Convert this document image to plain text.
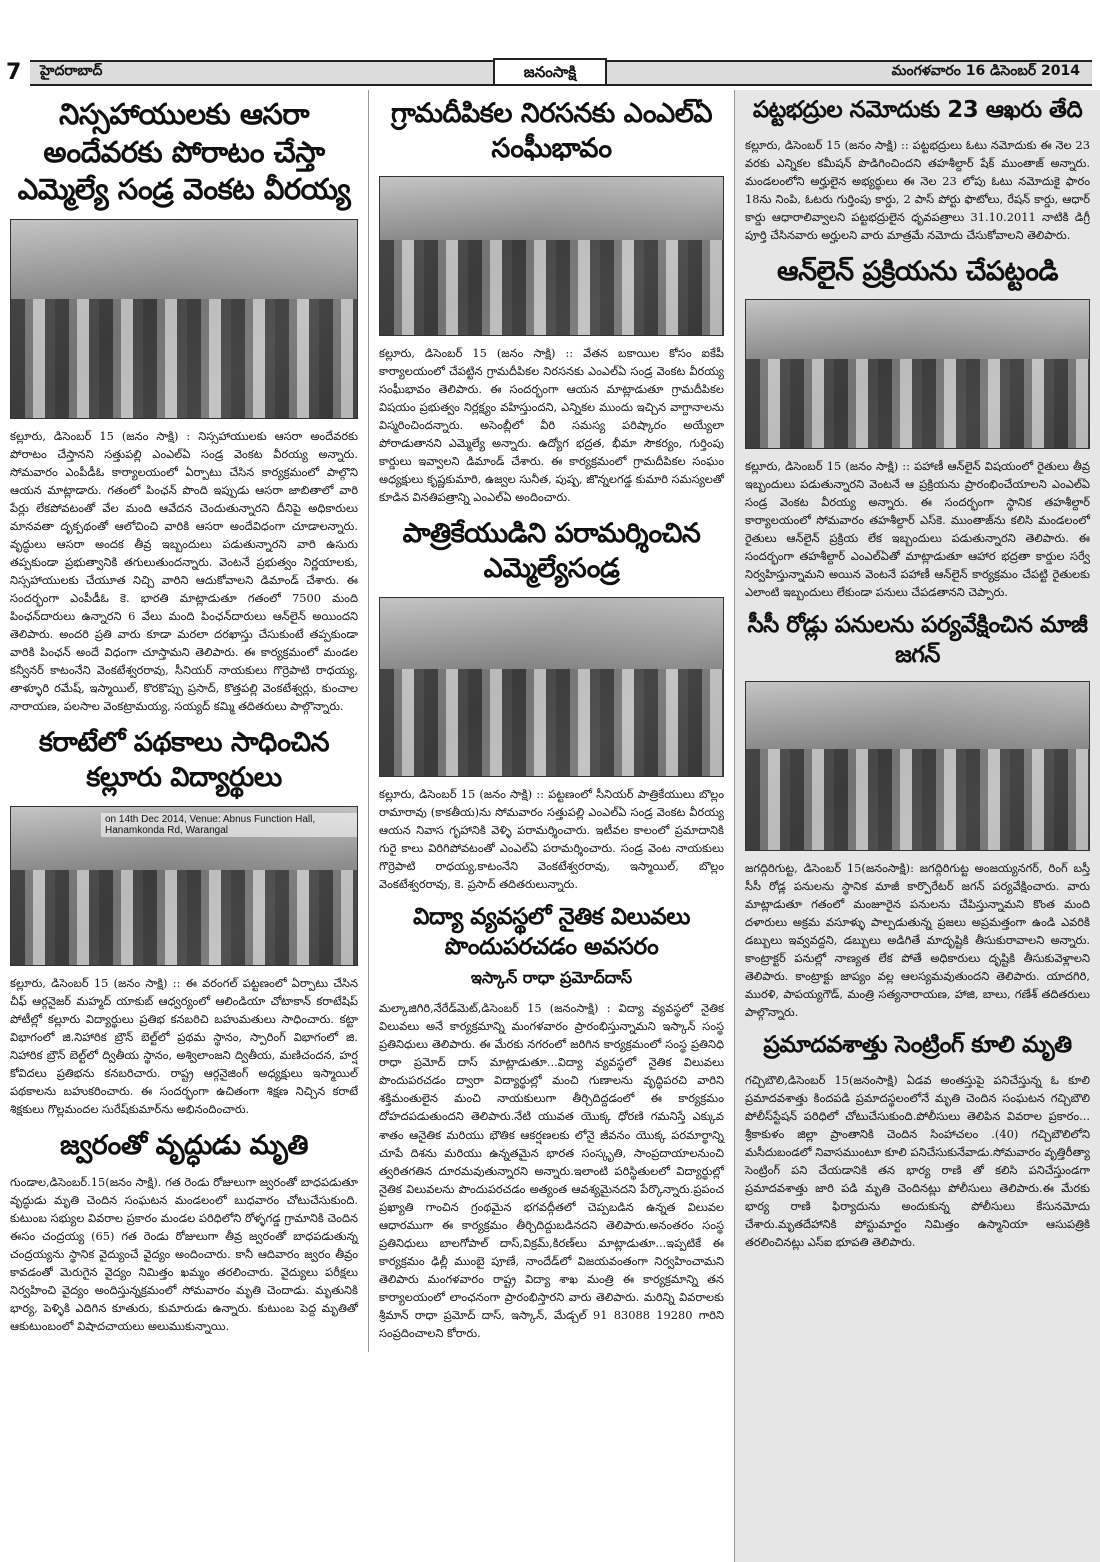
7 హైదరాబాద్	జనంసాక్షి	మంగళవారం 16 డిసెంబర్ 2014
నిస్సహాయులకు ఆసరా అందేవరకు పోరాటం చేస్తా ఎమ్మెల్యే సండ్ర వెంకట వీరయ్య
కల్లూరు, డిసెంబర్ 15 (జనం సాక్షి) : నిస్సహాయులకు ఆసరా అందేవరకు పోరాటం చేస్తానని సత్తుపల్లి ఎంఎల్ఏ సండ్ర వెంకట వీరయ్య అన్నారు. సోమవారం ఎంపీడీఓ కార్యాలయంలో ఏర్పాటు చేసిన కార్యక్రమంలో పాల్గొని ఆయన మాట్లాడారు. గతంలో పింఛన్ పొంది ఇప్పుడు ఆసరా జాబితాలో వారి పేర్లు లేకపోవటంతో వేల మంది ఆవేదన చెందుతున్నారని దీనిపై అధికారులు మానవతా దృక్పథంతో ఆలోచించి వారికి ఆసరా అందేవిధంగా చూడాలన్నారు. వృద్ధులు ఆసరా అందక తీవ్ర ఇబ్బందులు పడుతున్నారని వారి ఉసురు తప్పకుండా ప్రభుత్వానికి తగులుతుందన్నారు. వెంటనే ప్రభుత్వం నిర్ణయాలకు, నిస్సహాయులకు చేయూత నిచ్చి వారిని ఆదుకోవాలని డిమాండ్ చేశారు. ఈ సందర్భంగా ఎంపీడీఓ కె. భారతి మాట్లాడుతూ గతంలో 7500 మంది పింఛన్‌దారులు ఉన్నారని 6 వేలు మంది పింఛన్‌దారులు ఆన్‌లైన్ అయిందని తెలిపారు. అందరి ప్రతి వారు కూడా మరలా దరఖాస్తు చేసుకుంటే తప్పకుండా వారికి పింఛన్ అందే విధంగా చూస్తామని తెలిపారు. ఈ కార్యక్రమంలో మండల కన్వీనర్ కాటంనేని వెంకటేశ్వరరావు, సీనియర్ నాయకులు గొర్రెపాటి రాధయ్య, తాళ్ళూరి రమేష్, ఇస్మాయిల్, కొరకొప్పు ప్రసాద్, కొత్తపల్లి వెంకటేశ్వర్లు, కుంచాల నారాయణ, పలసాల వెంకట్రామయ్య, సయ్యద్ కమ్మి తదితరులు పాల్గొన్నారు.
కరాటేలో పథకాలు సాధించిన కల్లూరు విద్యార్థులు
on 14th Dec 2014, Venue: Abnus Function Hall, Hanamkonda Rd, Warangal
కల్లూరు, డిసెంబర్ 15 (జనం సాక్షి) :: ఈ వరంగల్ పట్టణంలో ఏర్పాటు చేసిన చీఫ్ ఆర్గనైజర్ మహ్మద్ యాకుబ్ ఆధ్వర్యంలో ఆలిండియా చోటాకాన్ కరాటేషిప్ పోటీల్లో కల్లూరు విద్యార్థులు ప్రతిభ కనబరిచి బహుమతులు సాధించారు. కట్టా విభాగంలో జి.నిహారిక బ్రౌన్ బెల్ట్‌లో ప్రథమ స్థానం, స్పారింగ్ విభాగంలో జి. నిహారిక బ్రౌన్ బెల్ట్‌లో ద్వితీయ స్థానం, అశ్విలాంజని ద్వితీయ, మణిచందన, హర్ష కోవిదలు ప్రతిభను కనబరిచారు. రాష్ట్ర ఆర్గనైజింగ్ అధ్యక్షులు ఇస్మాయిల్ పథకాలను బహుకరించారు. ఈ సందర్భంగా ఉచితంగా శిక్షణ నిచ్చిన కరాటే శిక్షకులు గొల్లమందల సురేష్‌కుమార్‌ను అభినందించారు.
జ్వరంతో వృద్ధుడు మృతి
గుండాల,డిసెంబర్.15(జనం సాక్షి). గత రెండు రోజులుగా జ్వరంతో బాధపడుతూ వృద్ధుడు మృతి చెందిన సంఘటన మండలంలో బుధవారం చోటుచేసుకుంది. కుటుంబ సభ్యుల వివరాల ప్రకారం మండల పరిధిలోని రోళ్ళగడ్డ గ్రామానికి చెందిన ఈసం చంద్రయ్య (65) గత రెండు రోజులుగా తీవ్ర జ్వరంతో బాధపడుతున్న చంద్రయ్యను స్థానిక వైద్యుంచే వైద్యం అందించారు. కానీ ఆదివారం జ్వరం తీవ్రం కావడంతో మెరుగైన వైద్యం నిమిత్తం ఖమ్మం తరలించారు. వైద్యులు పరీక్షలు నిర్వహించి వైద్యం అందిస్తున్నక్రమంలో సోమవారం మృతి చెందాడు. మృతునికి భార్య, పెళ్ళికి ఎదిగిన కూతురు, కుమారుడు ఉన్నారు. కుటుంబ పెద్ద మృతితో ఆకుటుంబంలో విషాదచాయలు అలుముకున్నాయి.
గ్రామదీపికల నిరసనకు ఎంఎల్ఏ సంఘీభావం
కల్లూరు, డిసెంబర్ 15 (జనం సాక్షి) :: వేతన బకాయిల కోసం ఐకేపీ కార్యాలయంలో చేపట్టిన గ్రామదీపికల నిరసనకు ఎంఎల్ఏ సండ్ర వెంకట వీరయ్య సంఘీభావం తెలిపారు. ఈ సందర్భంగా ఆయన మాట్లాడుతూ గ్రామదీపికల విషయం ప్రభుత్వం నిర్లక్ష్యం వహిస్తుందని, ఎన్నికల ముందు ఇచ్చిన వాగ్దానాలను విస్మరించిందన్నారు. అసెంబ్లీలో వీరి సమస్య పరిష్కారం అయ్యేలా పోరాడుతానని ఎమ్మెల్యే అన్నారు. ఉద్యోగ భద్రత, భీమా సౌకర్యం, గుర్తింపు కార్డులు ఇవ్వాలని డిమాండ్ చేశారు. ఈ కార్యక్రమంలో గ్రామదీపికల సంఘం అధ్యక్షులు కృష్ణకుమారి, ఉజ్వల సునీత, పుష్ప, జొన్నలగడ్డ కుమారి సమస్యలతో కూడిన వినతిపత్రాన్ని ఎంఎల్ఏ అందించారు.
పాత్రికేయుడిని పరామర్శించిన ఎమ్మెల్యేసండ్ర
కల్లూరు, డిసెంబర్ 15 (జనం సాక్షి) :: పట్టణంలో సీనియర్ పాత్రికేయులు బొల్లం రామారావు (కాకతీయ)ను సోమవారం సత్తుపల్లి ఎంఎల్ఏ సండ్ర వెంకట వీరయ్య ఆయన నివాస గృహానికి వెళ్ళి పరామర్శించారు. ఇటీవల కాలంలో ప్రమాదానికి గురై కాలు విరిగిపోవటంతో ఎంఎల్ఏ పరామర్శించారు. సండ్ర వెంట నాయకులు గొర్రెపాటి రాధయ్య,కాటంనేని వెంకటేశ్వరరావు, ఇస్మాయిల్, బొల్లం వెంకటేశ్వరరావు, కె. ప్రసాద్ తదితరులున్నారు.
విద్యా వ్యవస్థలో నైతిక విలువలు పొందుపరచడం అవసరం
ఇస్కాన్ రాధా ప్రమోద్‌దాస్
మల్కాజిగిరి,నేరేడ్‌మెట్,డిసెంబర్ 15 (జనంసాక్షి) : విద్యా వ్యవస్థలో నైతిక విలువలు అనే కార్యక్రమాన్ని మంగళవారం ప్రారంభిస్తున్నామని ఇస్కాన్ సంస్థ ప్రతినిధులు తెలిపారు. ఈ మేరకు నగరంలో జరిగిన కార్యక్రమంలో సంస్థ ప్రతినిధి రాధా ప్రమోద్ దాస్ మాట్లాడుతూ...విద్యా వ్యవస్థలో నైతిక విలువలు పొందుపరచడం ద్వారా విద్యార్థుల్లో మంచి గుణాలను వృద్ధిపరచి వారిని శక్తిమంతులైన మంచి నాయకులుగా తీర్చిదిద్దడంలో ఈ కార్యక్రమం దోహదపడుతుందని తెలిపారు.నేటి యువత యొక్క ధోరణి గమనిస్తే ఎక్కువ శాతం ఆనైతిక మరియు భౌతిక ఆకర్షణలకు లోనై జీవనం యొక్క పరమార్థాన్ని చూపే దిశను మరియు ఉన్నతమైన భారత సంస్కృతి, సాంప్రదాయాలనుంచి త్వరితగతిన దూరమవుతున్నారని అన్నారు.ఇలాంటి పరిస్థితులలో విద్యార్థుల్లో నైతిక విలువలను పొందుపరచడం అత్యంత ఆవశ్యమైనదని పేర్కొన్నారు.ప్రపంచ ప్రఖ్యాతి గాంచిన గ్రంథమైన భగవద్గీతలో చెప్పబడిన ఉన్నత విలువల ఆధారముగా ఈ కార్యక్రమం తీర్చిదిద్దుబడినదని తెలిపారు.అనంతరం సంస్థ ప్రతినిధులు బాలగోపాల్ దాస్,విక్రమ్,కిరణ్‌లు మాట్లాడుతూ...ఇప్పటికే ఈ కార్యక్రమం ఢిల్లీ ముంబై పూణే, నాందేడ్‌లో విజయవంతంగా నిర్వహించామని తెలిపారు మంగళవారం రాష్ట్ర విద్యా శాఖ మంత్రి ఈ కార్యక్రమాన్ని తన కార్యాలయంలో లాంఛనంగా ప్రారంభిస్తారని వారు తెలిపారు. మరిన్ని వివరాలకు శ్రీమాన్ రాధా ప్రమోద్ దాస్, ఇస్కాన్, మేడ్చల్ 91 83088 19280 గారిని సంప్రదించాలని కోరారు.
పట్టభద్రుల నమోదుకు 23 ఆఖరు తేది
కల్లూరు, డిసెంబర్ 15 (జనం సాక్షి) :: పట్టభద్రులు ఓటు నమోదుకు ఈ నెల 23 వరకు ఎన్నికల కమీషన్ పొడిగించిందని తహశీల్దార్ షేక్ ముంతాజ్ అన్నారు. మండలంలోని అర్హులైన అభ్యర్థులు ఈ నెల 23 లోపు ఓటు నమోదుకై ఫారం 18ను నింపి, ఓటరు గుర్తింపు కార్డు, 2 పాస్ పోర్టు ఫొటోలు, రేషన్ కార్డు, ఆధార్ కార్డు ఆధారాలివ్వాలని పట్టభద్రులైన ధృవపత్రాలు 31.10.2011 నాటికి డిగ్రీ పూర్తి చేసినవారు అర్హులని వారు మాత్రమే నమోదు చేసుకోవాలని తెలిపారు.
ఆన్‌లైన్ ప్రక్రియను చేపట్టండి
కల్లూరు, డిసెంబర్ 15 (జనం సాక్షి) :: పహాణీ ఆన్‌లైన్ విషయంలో రైతులు తీవ్ర ఇబ్బందులు పడుతున్నారని వెంటనే ఆ ప్రక్రియను ప్రారంభించేయాలని ఎంఎల్ఏ సండ్ర వెంకట వీరయ్య అన్నారు. ఈ సందర్భంగా స్థానిక తహశీల్దార్ కార్యాలయంలో సోమవారం తహశీల్దార్ ఎస్‌కె. ముంతాజ్‌ను కలిసి మండలంలో రైతులు ఆన్‌లైన్ ప్రక్రియ లేక ఇబ్బందులు పడుతున్నారని తెలిపారు. ఈ సందర్భంగా తహశీల్దార్ ఎంఎల్ఏతో మాట్లాడుతూ ఆహార భద్రతా కార్డుల సర్వే నిర్వహిస్తున్నామని అయిన వెంటనే పహాణీ ఆన్‌లైన్ కార్యక్రమం చేపట్టి రైతులకు ఎలాంటి ఇబ్బందులు లేకుండా పనులు చేపడతానని చెప్పారు.
సీసీ రోడ్లు పనులను పర్యవేక్షించిన మాజీ జగన్
జగద్గిరిగుట్ట, డిసెంబర్ 15(జనంసాక్షి): జగద్గిరిగుట్ట అంజయ్యనగర్, రింగ్ బస్తీ సీసీ రోడ్ల పనులను స్థానిక మాజీ కార్పొరేటర్ జగన్ పర్యవేక్షించారు. వారు మాట్లాడుతూ గతంలో మంజూరైన పనులను చేపిస్తున్నామని కొంత మంది దళారులు అక్రమ వసూళ్ళు పాల్పడుతున్న ప్రజలు అప్రమత్తంగా ఉండి ఎవరికి డబ్బులు ఇవ్వవద్దని, డబ్బులు అడిగితే మాదృష్టికి తీసుకురావాలని అన్నారు. కాంట్రాక్టర్ పనుల్లో నాణ్యత లేక పోతే అధికారులు దృష్టికి తీసుకువెళ్లాలని తెలిపారు. కాంట్రాక్టు జాప్యం వల్ల ఆలస్యమవుతుందని తెలిపారు. యాదగిరి, మురళి, పాపయ్యగౌడ్, మంత్రి సత్యనారాయణ, హాజి, బాలు, గణేశ్ తదితరులు పాల్గొన్నారు.
ప్రమాదవశాత్తు సెంట్రింగ్ కూలి మృతి
గచ్చిబౌలి,డిసెంబర్ 15(జనంసాక్షి) ఏడవ అంతస్తుపై పనిచేస్తున్న ఓ కూలి ప్రమాదవశాత్తు కిందపడి ప్రమాదస్థలంలోనే మృతి చెందిన సంఘటన గచ్చిబౌలి పోలీస్‌స్టేషన్ పరిధిలో చోటుచేసుకుంది.పోలీసులు తెలిపిన వివరాల ప్రకారం... శ్రీకాకుళం జిల్లా ప్రాంతానికి చెందిన సింహాచలం .(40) గచ్చిబౌలిలోని మసీదుబండలో నివాసముంటూ కూలి పనిచేసుకునేవాడు.సోమవారం వృత్తిరీత్యా సెంట్రింగ్ పని చేయడానికి తన భార్య రాణి తో కలిసి పనిచేస్తుండగా ప్రమాదవశాత్తు జారి పడి మృతి చెందినట్లు పోలీసులు తెలిపారు.ఈ మేరకు భార్య రాణి ఫిర్యాదును అందుకున్న పోలీసులు కేసునమోదు చేశారు.మృతదేహానికి పోస్టుమార్టం నిమిత్తం ఉస్మానియా ఆసుపత్రికి తరలించినట్లు ఎస్ఐ భూపతి తెలిపారు.
